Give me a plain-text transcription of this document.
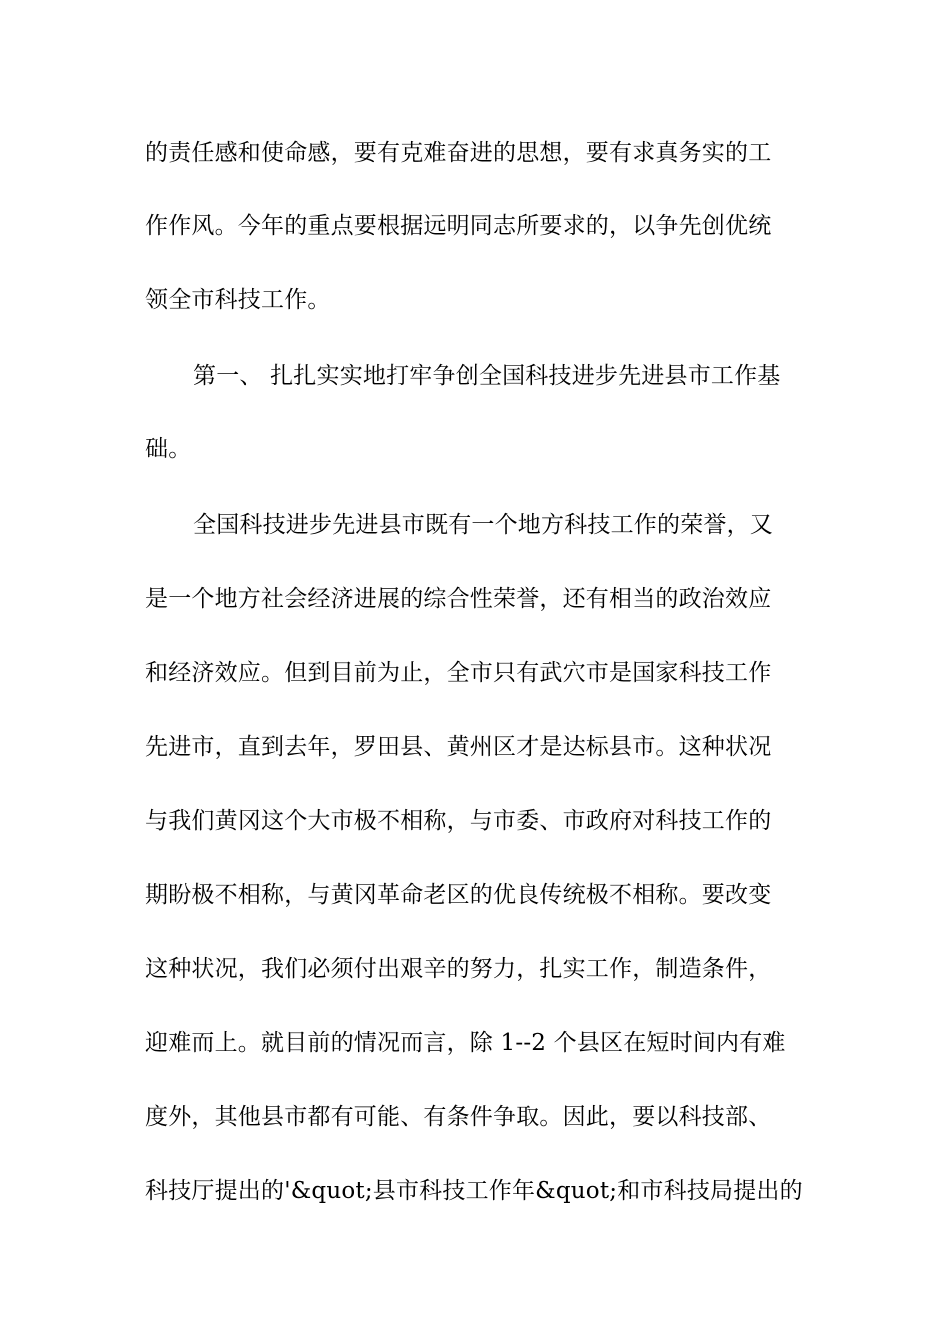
的责任感和使命感，要有克难奋进的思想，要有求真务实的工
作作风。今年的重点要根据远明同志所要求的，以争先创优统
领全市科技工作。
第一、 扎扎实实地打牢争创全国科技进步先进县市工作基
础。
全国科技进步先进县市既有一个地方科技工作的荣誉，又
是一个地方社会经济进展的综合性荣誉，还有相当的政治效应
和经济效应。但到目前为止，全市只有武穴市是国家科技工作
先进市，直到去年，罗田县、黄州区才是达标县市。这种状况
与我们黄冈这个大市极不相称，与市委、市政府对科技工作的
期盼极不相称，与黄冈革命老区的优良传统极不相称。要改变
这种状况，我们必须付出艰辛的努力，扎实工作，制造条件，
迎难而上。就目前的情况而言，除 1--2 个县区在短时间内有难
度外，其他县市都有可能、有条件争取。因此，要以科技部、
科技厅提出的'&quot;县市科技工作年&quot;和市科技局提出的
